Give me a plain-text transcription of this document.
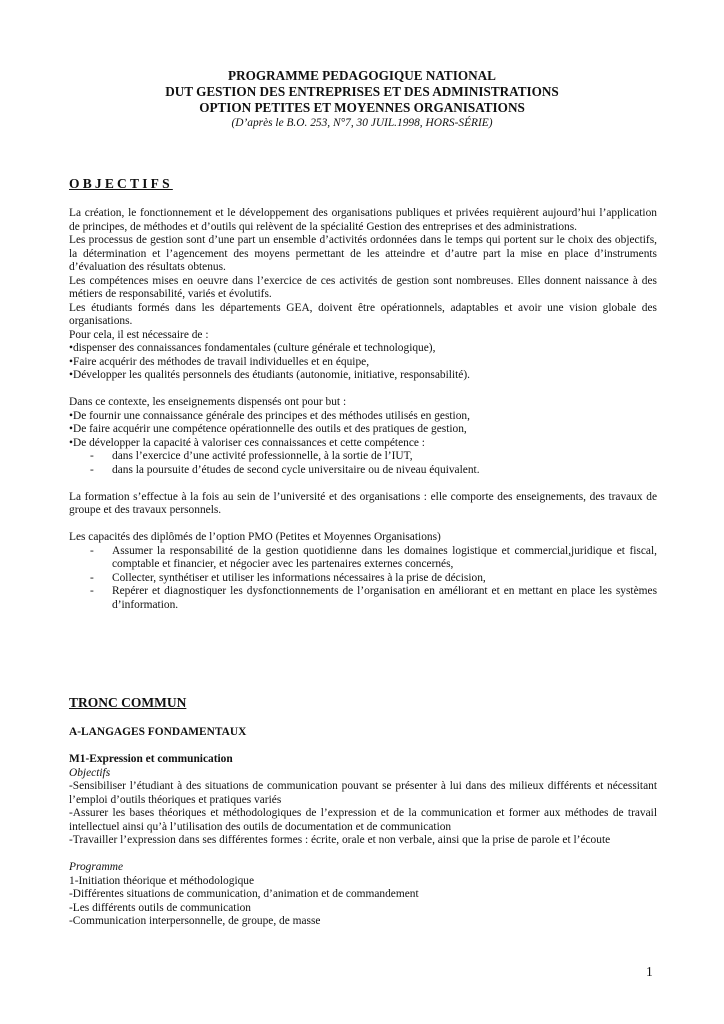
PROGRAMME PEDAGOGIQUE NATIONAL
DUT GESTION DES ENTREPRISES ET DES ADMINISTRATIONS
OPTION PETITES ET MOYENNES ORGANISATIONS
(D’après le B.O. 253, N°7, 30 JUIL.1998, HORS-SÉRIE)
OBJECTIFS
La création, le fonctionnement et le développement des organisations publiques et privées requièrent aujourd’hui l’application de principes, de méthodes et d’outils qui relèvent de la spécialité Gestion des entreprises et des administrations.
Les processus de gestion sont d’une part un ensemble d’activités ordonnées dans le temps qui portent sur le choix des objectifs, la détermination et l’agencement des moyens permettant de les atteindre et d’autre part la mise en place d’instruments d’évaluation des résultats obtenus.
Les compétences mises en oeuvre dans l’exercice de ces activités de gestion sont nombreuses. Elles donnent naissance à des métiers de responsabilité, variés et évolutifs.
Les étudiants formés dans les départements GEA, doivent être opérationnels, adaptables et avoir une vision globale des organisations.
Pour cela, il est nécessaire de :
•dispenser des connaissances fondamentales (culture générale et technologique),
•Faire acquérir des méthodes de travail individuelles et en équipe,
•Développer les qualités personnels des étudiants (autonomie, initiative, responsabilité).
Dans ce contexte, les enseignements dispensés ont pour but :
•De fournir une connaissance générale des principes et des méthodes utilisés en gestion,
•De faire acquérir une compétence opérationnelle des outils et des pratiques de gestion,
•De développer la capacité à valoriser ces connaissances et cette compétence :
-	dans l’exercice d’une activité professionnelle, à la sortie de l’IUT,
-	dans la poursuite d’études de second cycle universitaire ou de niveau équivalent.
La formation s’effectue à la fois au sein de l’université et des organisations : elle comporte des enseignements, des travaux de groupe et des travaux personnels.
Les capacités des diplômés de l’option PMO (Petites et Moyennes Organisations)
-	Assumer la responsabilité de la gestion quotidienne dans les domaines logistique et commercial,juridique et fiscal, comptable et financier, et négocier avec les partenaires externes concernés,
-	Collecter, synthétiser et utiliser les informations nécessaires à la prise de décision,
-	Repérer et diagnostiquer les dysfonctionnements de l’organisation en améliorant et en mettant en place les systèmes d’information.
TRONC COMMUN
A-LANGAGES FONDAMENTAUX
M1-Expression et communication
Objectifs
-Sensibiliser l’étudiant à des situations de communication pouvant se présenter à lui dans des milieux différents et nécessitant l’emploi d’outils théoriques et pratiques variés
-Assurer les bases théoriques et méthodologiques de l’expression et de la communication et former aux méthodes de travail intellectuel ainsi qu’à l’utilisation des outils de documentation et de communication
-Travailler l’expression dans ses différentes formes : écrite, orale et non verbale, ainsi que la prise de parole et l’écoute
Programme
1-Initiation théorique et méthodologique
-Différentes situations de communication, d’animation et de commandement
-Les différents outils de communication
-Communication interpersonnelle, de groupe, de masse
1
